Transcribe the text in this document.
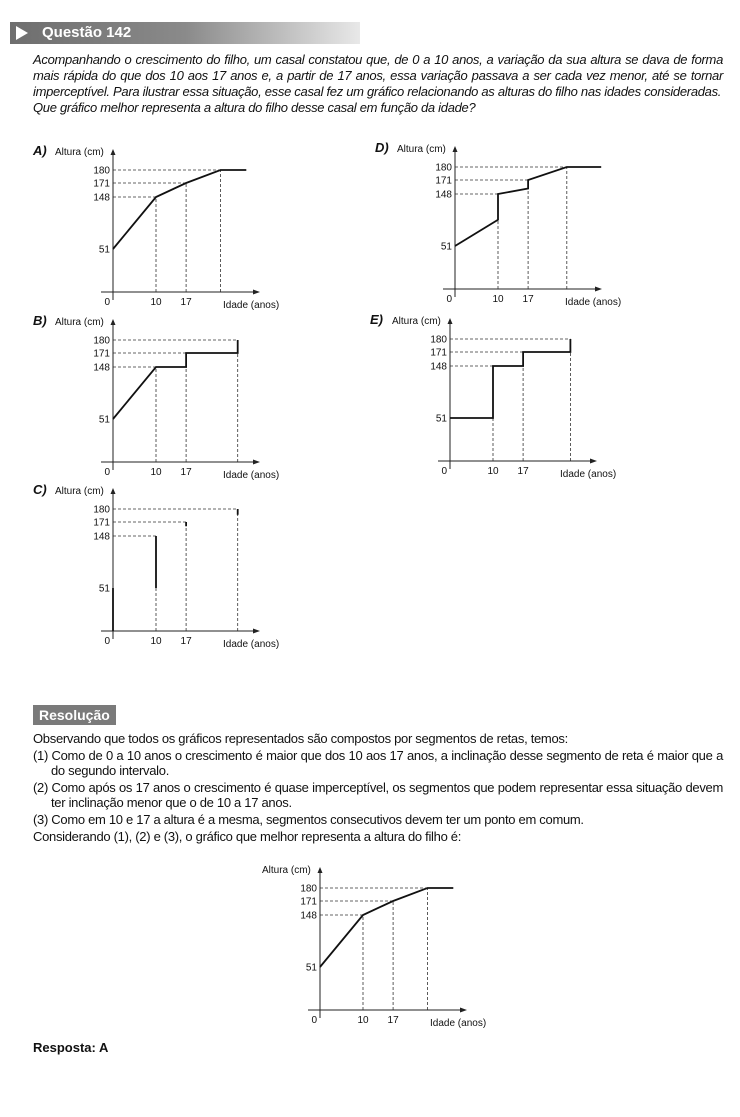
Questão 142

Acompanhando o crescimento do filho, um casal constatou que, de 0 a 10 anos, a variação da sua altura se dava de forma mais rápida do que dos 10 aos 17 anos e, a partir de 17 anos, essa variação passava a ser cada vez menor, até se tornar imperceptível. Para ilustrar essa situação, esse casal fez um gráfico relacionando as alturas do filho nas idades consideradas.

Que gráfico melhor representa a altura do filho desse casal em função da idade?

A) Altura (cm)
180
171
148
51
0	10 17	Idade (anos)
D) Altura (cm)
180
171
148
51
0	10 17	Idade (anos)
B) Altura (cm)
180
171
148
51
0	10 17	Idade (anos)
E) Altura (cm)
180
171
148
51
0	10 17	Idade (anos)
C) Altura (cm)
180
171
148
51
0	10 17	Idade (anos)
Resolução

Observando que todos os gráficos representados são compostos por segmentos de retas, temos:

(1) Como de 0 a 10 anos o crescimento é maior que dos 10 aos 17 anos, a inclinação desse segmento de reta é maior que a do segundo intervalo.

(2) Como após os 17 anos o crescimento é quase imperceptível, os segmentos que podem representar essa situação devem ter inclinação menor que o de 10 a 17 anos.

(3) Como em 10 e 17 a altura é a mesma, segmentos consecutivos devem ter um ponto em comum.

Considerando (1), (2) e (3), o gráfico que melhor representa a altura do filho é:

Altura (cm)
180
171
148
51
0	10 17	Idade (anos)
Resposta: A
